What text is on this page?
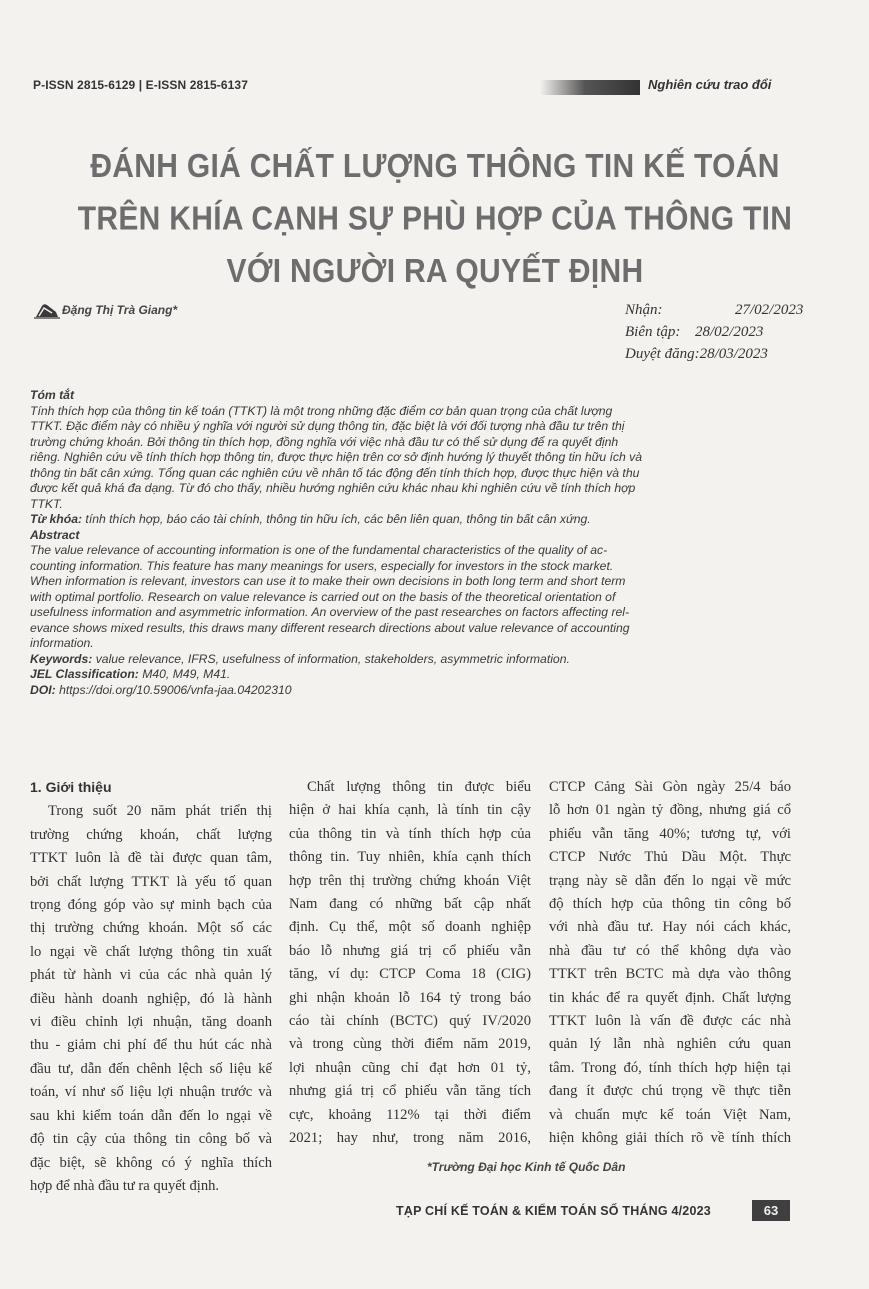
P-ISSN 2815-6129 | E-ISSN 2815-6137	Nghiên cứu trao đổi
ĐÁNH GIÁ CHẤT LƯỢNG THÔNG TIN KẾ TOÁN
TRÊN KHÍA CẠNH SỰ PHÙ HỢP CỦA THÔNG TIN
VỚI NGƯỜI RA QUYẾT ĐỊNH
Đặng Thị Trà Giang*	Nhận:	27/02/2023
Biên tập: 28/02/2023
Duyệt đăng: 28/03/2023
Tóm tắt
Tính thích hợp của thông tin kế toán (TTKT) là một trong những đặc điểm cơ bản quan trọng của chất lượng
TTKT. Đặc điểm này có nhiều ý nghĩa với người sử dụng thông tin, đặc biệt là với đối tượng nhà đầu tư trên thị
trường chứng khoán. Bởi thông tin thích hợp, đồng nghĩa với việc nhà đầu tư có thể sử dụng để ra quyết định
riêng. Nghiên cứu về tính thích hợp thông tin, được thực hiện trên cơ sở định hướng lý thuyết thông tin hữu ích và
thông tin bất cân xứng. Tổng quan các nghiên cứu về nhân tố tác động đến tính thích hợp, được thực hiện và thu
được kết quả khá đa dạng. Từ đó cho thấy, nhiều hướng nghiên cứu khác nhau khi nghiên cứu về tính thích hợp
TTKT.
Từ khóa: tính thích hợp, báo cáo tài chính, thông tin hữu ích, các bên liên quan, thông tin bất cân xứng.
Abstract
The value relevance of accounting information is one of the fundamental characteristics of the quality of ac-
counting information. This feature has many meanings for users, especially for investors in the stock market.
When information is relevant, investors can use it to make their own decisions in both long term and short term
with optimal portfolio. Research on value relevance is carried out on the basis of the theoretical orientation of
usefulness information and asymmetric information. An overview of the past researches on factors affecting rel-
evance shows mixed results, this draws many different research directions about value relevance of accounting
information.
Keywords: value relevance, IFRS, usefulness of information, stakeholders, asymmetric information.
JEL Classification: M40, M49, M41.
DOI: https://doi.org/10.59006/vnfa-jaa.04202310
1. Giới thiệu
Trong suốt 20 năm phát triển thị
trường chứng khoán, chất lượng
TTKT luôn là đề tài được quan tâm,
bởi chất lượng TTKT là yếu tố quan
trọng đóng góp vào sự minh bạch của
thị trường chứng khoán. Một số các
lo ngại về chất lượng thông tin xuất
phát từ hành vi của các nhà quản lý
điều hành doanh nghiệp, đó là hành
vi điều chỉnh lợi nhuận, tăng doanh
thu - giảm chi phí để thu hút các nhà
đầu tư, dẫn đến chênh lệch số liệu kế
toán, ví như số liệu lợi nhuận trước và
sau khi kiểm toán dẫn đến lo ngại về
độ tin cậy của thông tin công bố và
đặc biệt, sẽ không có ý nghĩa thích
hợp để nhà đầu tư ra quyết định.
Chất lượng thông tin được biểu
hiện ở hai khía cạnh, là tính tin cậy
của thông tin và tính thích hợp của
thông tin. Tuy nhiên, khía cạnh thích
hợp trên thị trường chứng khoán Việt
Nam đang có những bất cập nhất
định. Cụ thể, một số doanh nghiệp
báo lỗ nhưng giá trị cổ phiếu vẫn
tăng, ví dụ: CTCP Coma 18 (CIG)
ghi nhận khoản lỗ 164 tỷ trong báo
cáo tài chính (BCTC) quý IV/2020
và trong cùng thời điểm năm 2019,
lợi nhuận cũng chỉ đạt hơn 01 tỷ,
nhưng giá trị cổ phiếu vẫn tăng tích
cực, khoảng 112% tại thời điểm
2021; hay như, trong năm 2016,
CTCP Cảng Sài Gòn ngày 25/4 báo
lỗ hơn 01 ngàn tỷ đồng, nhưng giá cổ
phiếu vẫn tăng 40%; tương tự, với
CTCP Nước Thủ Dầu Một. Thực
trạng này sẽ dẫn đến lo ngại về mức
độ thích hợp của thông tin công bố
với nhà đầu tư. Hay nói cách khác,
nhà đầu tư có thể không dựa vào
TTKT trên BCTC mà dựa vào thông
tin khác để ra quyết định. Chất lượng
TTKT luôn là vấn đề được các nhà
quản lý lẫn nhà nghiên cứu quan
tâm. Trong đó, tính thích hợp hiện tại
đang ít được chú trọng về thực tiễn
và chuẩn mực kế toán Việt Nam,
hiện không giải thích rõ về tính thích
*Trường Đại học Kinh tế Quốc Dân
TẠP CHÍ KẾ TOÁN & KIỂM TOÁN SỐ THÁNG 4/2023	63
